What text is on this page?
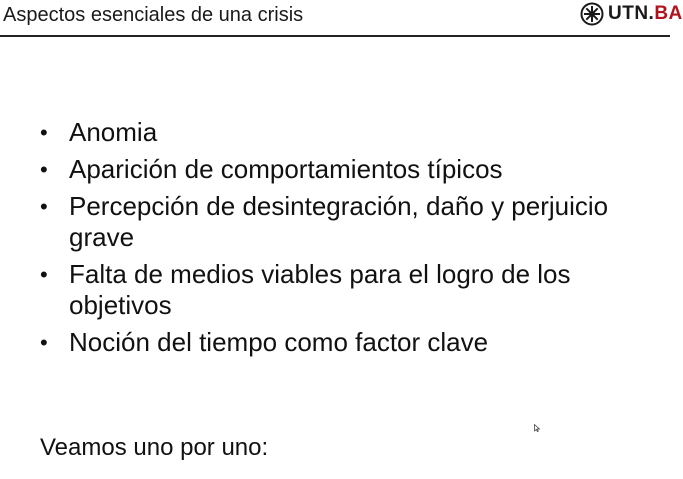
Aspectos esenciales de una crisis	UTN.BA
• Anomia
• Aparición de comportamientos típicos
• Percepción de desintegración, daño y perjuicio grave
• Falta de medios viables para el logro de los objetivos
• Noción del tiempo como factor clave
Veamos uno por uno:
